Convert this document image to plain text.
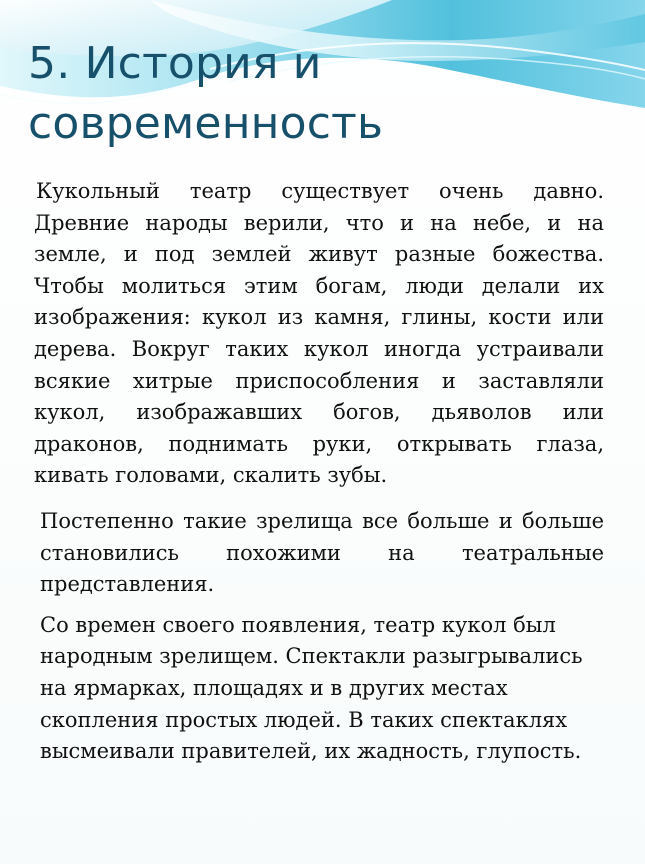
5. История и современность

Кукольный театр существует очень давно. Древние народы верили, что и на небе, и на земле, и под землей живут разные божества. Чтобы молиться этим богам, люди делали их изображения: кукол из камня, глины, кости или дерева. Вокруг таких кукол иногда устраивали всякие хитрые приспособления и заставляли кукол, изображавших богов, дьяволов или драконов, поднимать руки, открывать глаза, кивать головами, скалить зубы.

Постепенно такие зрелища все больше и больше становились похожими на театральные представления.

Со времен своего появления, театр кукол был народным зрелищем. Спектакли разыгрывались на ярмарках, площадях и в других местах скопления простых людей. В таких спектаклях высмеивали правителей, их жадность, глупость.
